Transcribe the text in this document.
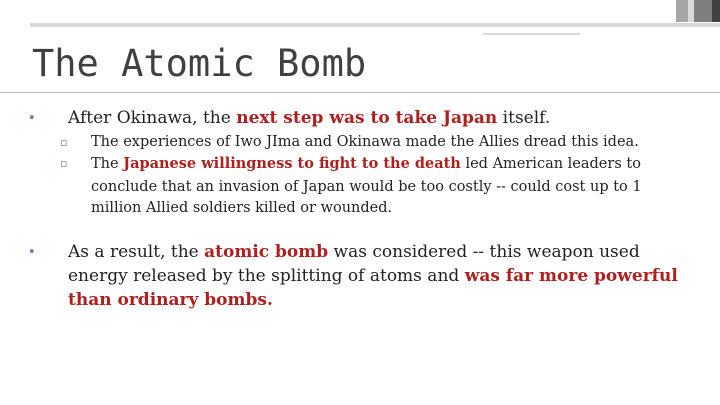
The Atomic Bomb
• After Okinawa, the next step was to take Japan itself.
▫ The experiences of Iwo JIma and Okinawa made the Allies dread this idea.
▫ The Japanese willingness to fight to the death led American leaders to
conclude that an invasion of Japan would be too costly -- could cost up to 1
million Allied soldiers killed or wounded.
• As a result, the atomic bomb was considered -- this weapon used
energy released by the splitting of atoms and was far more powerful
than ordinary bombs.
